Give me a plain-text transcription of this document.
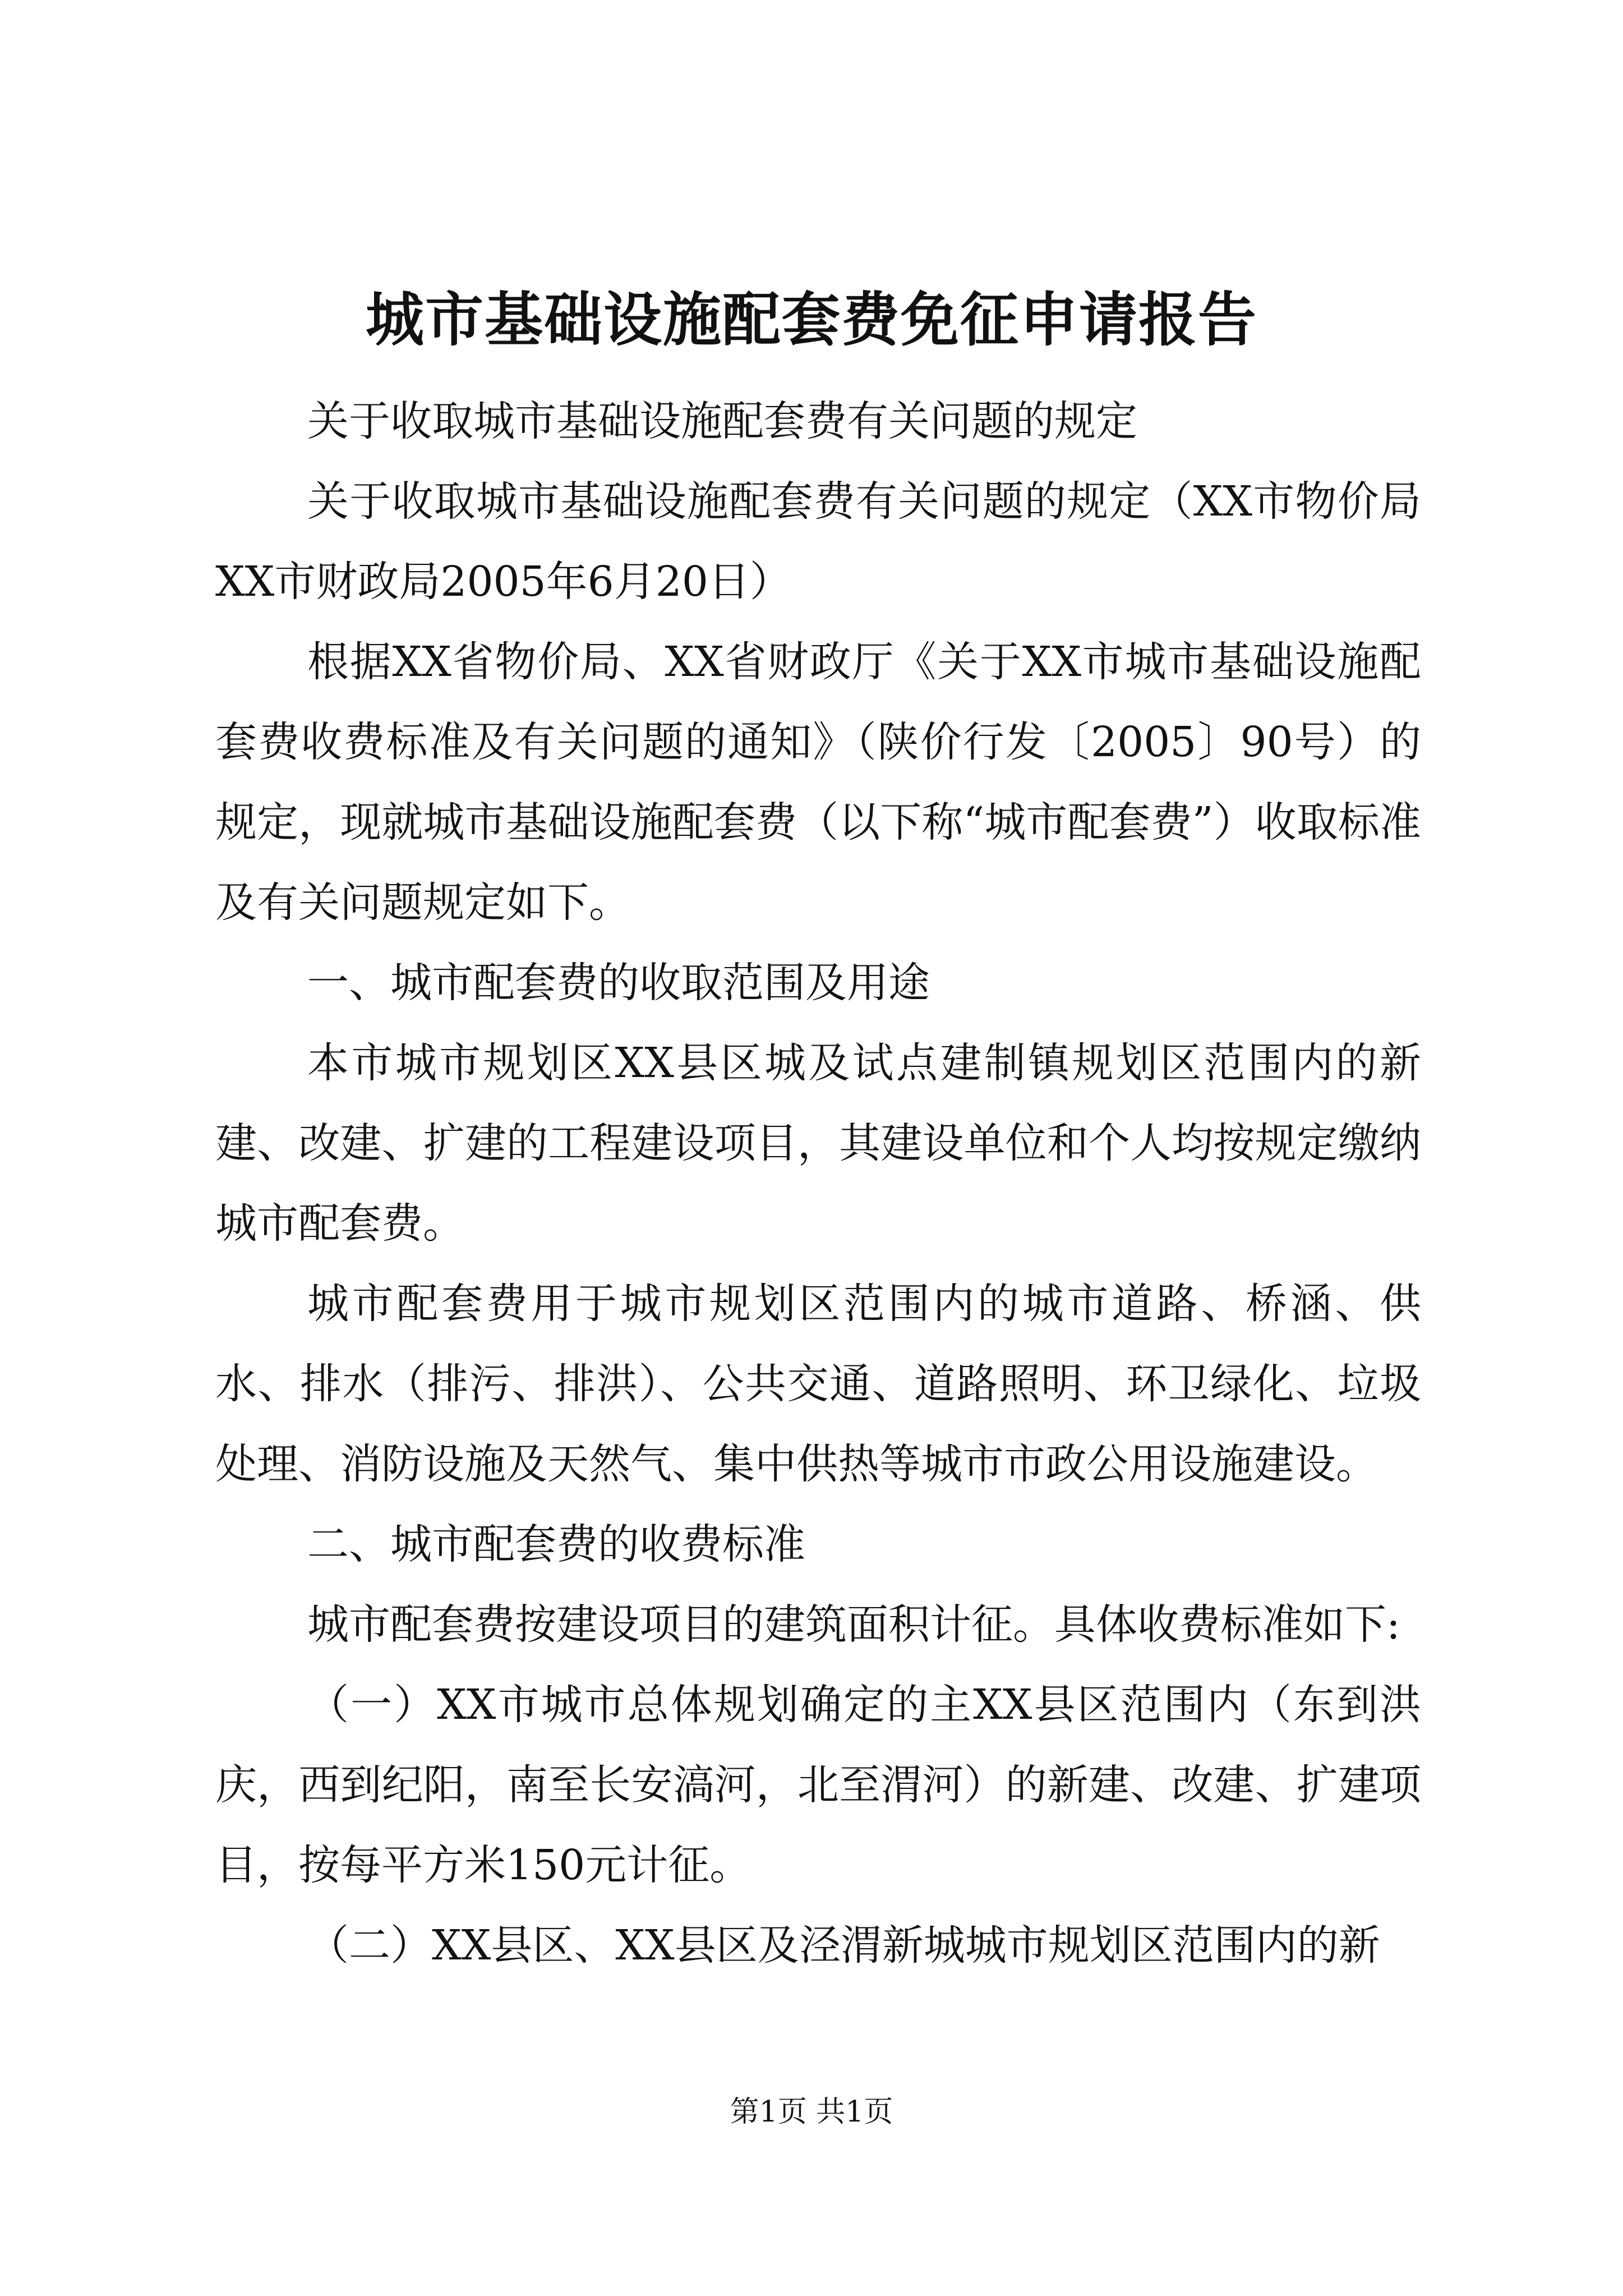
城市基础设施配套费免征申请报告

关于收取城市基础设施配套费有关问题的规定

关于收取城市基础设施配套费有关问题的规定（XX市物价局XX市财政局2005年6月20日）

根据XX省物价局、XX省财政厅《关于XX市城市基础设施配套费收费标准及有关问题的通知》（陕价行发〔2005〕90号）的规定，现就城市基础设施配套费（以下称“城市配套费”）收取标准及有关问题规定如下。

一、城市配套费的收取范围及用途

本市城市规划区XX县区城及试点建制镇规划区范围内的新建、改建、扩建的工程建设项目，其建设单位和个人均按规定缴纳城市配套费。

城市配套费用于城市规划区范围内的城市道路、桥涵、供水、排水（排污、排洪）、公共交通、道路照明、环卫绿化、垃圾处理、消防设施及天然气、集中供热等城市市政公用设施建设。

二、城市配套费的收费标准

城市配套费按建设项目的建筑面积计征。具体收费标准如下:

（一）XX市城市总体规划确定的主XX县区范围内（东到洪庆，西到纪阳，南至长安滈河，北至渭河）的新建、改建、扩建项目，按每平方米150元计征。

（二）XX县区、XX县区及泾渭新城城市规划区范围内的新

第1页 共1页
